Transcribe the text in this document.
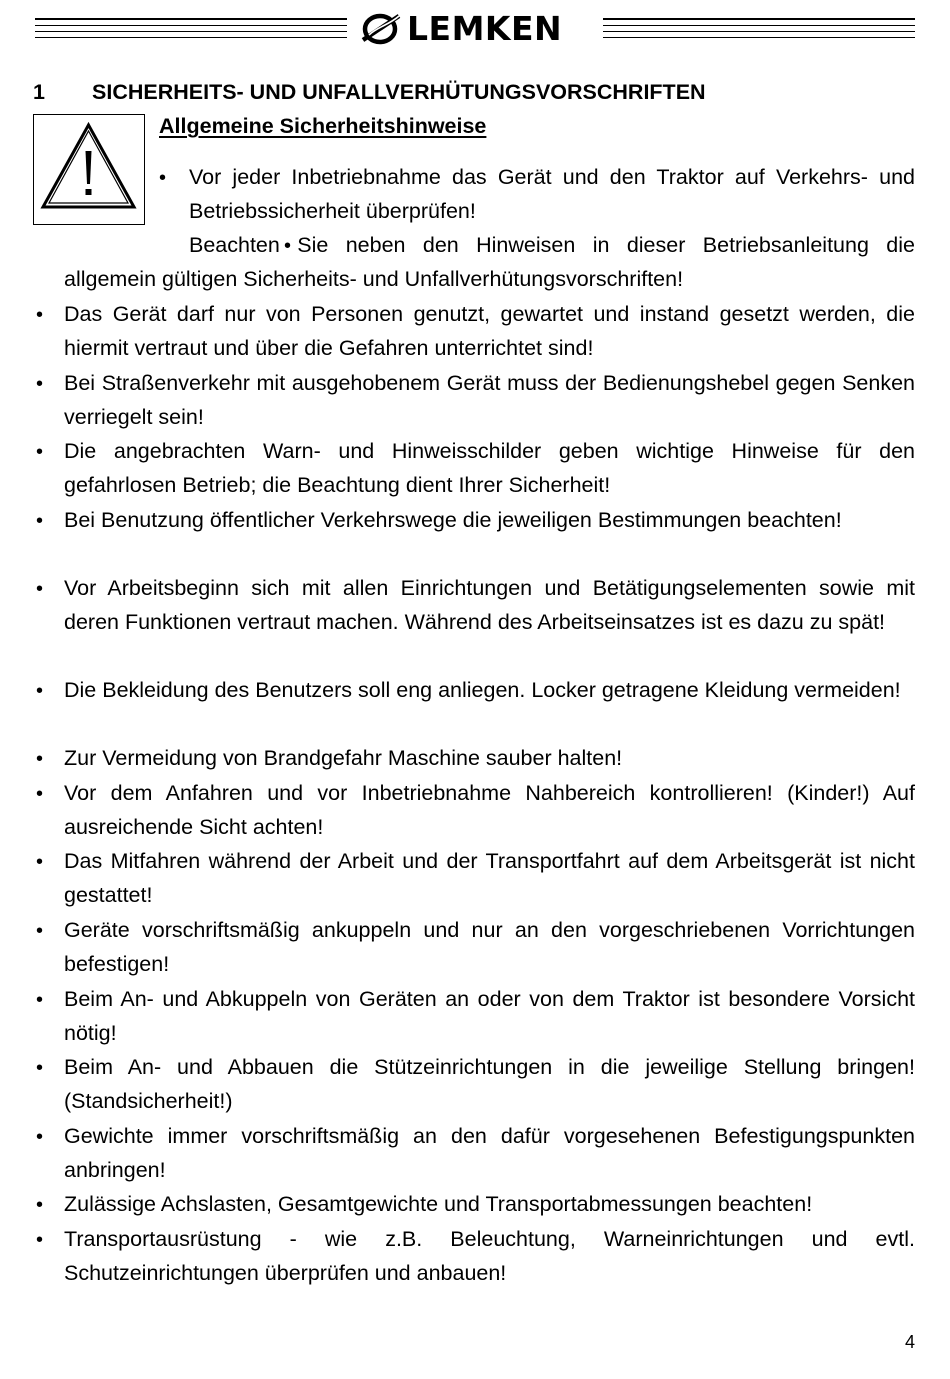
LEMKEN
1	SICHERHEITS- UND UNFALLVERHÜTUNGSVORSCHRIFTEN
Allgemeine Sicherheitshinweise
•
Vor jeder Inbetriebnahme das Gerät und den Traktor auf Verkehrs- und Betriebssicherheit überprüfen!
•
Beachten Sie neben den Hinweisen in dieser Betriebsanleitung die allgemein gültigen Sicherheits- und Unfallverhütungsvorschriften!
•
Das Gerät darf nur von Personen genutzt, gewartet und instand gesetzt werden, die hiermit vertraut und über die Gefahren unterrichtet sind!
•
Bei Straßenverkehr mit ausgehobenem Gerät muss der Bedienungshebel gegen Senken verriegelt sein!
•
Die angebrachten Warn- und Hinweisschilder geben wichtige Hinweise für den gefahrlosen Betrieb; die Beachtung dient Ihrer Sicherheit!
•
Bei Benutzung öffentlicher Verkehrswege die jeweiligen Bestimmungen beachten!
•
Vor Arbeitsbeginn sich mit allen Einrichtungen und Betätigungselementen sowie mit deren Funktionen vertraut machen. Während des Arbeitseinsatzes ist es dazu zu spät!
•
Die Bekleidung des Benutzers soll eng anliegen. Locker getragene Kleidung vermeiden!
•
Zur Vermeidung von Brandgefahr Maschine sauber halten!
•
Vor dem Anfahren und vor Inbetriebnahme Nahbereich kontrollieren! (Kinder!) Auf ausreichende Sicht achten!
•
Das Mitfahren während der Arbeit und der Transportfahrt auf dem Arbeitsgerät ist nicht gestattet!
•
Geräte vorschriftsmäßig ankuppeln und nur an den vorgeschriebenen Vorrichtungen befestigen!
•
Beim An- und Abkuppeln von Geräten an oder von dem Traktor ist besondere Vorsicht nötig!
•
Beim An- und Abbauen die Stützeinrichtungen in die jeweilige Stellung bringen! (Standsicherheit!)
•
Gewichte immer vorschriftsmäßig an den dafür vorgesehenen Befestigungspunkten anbringen!
•
Zulässige Achslasten, Gesamtgewichte und Transportabmessungen beachten!
•
Transportausrüstung - wie z.B. Beleuchtung, Warneinrichtungen und evtl. Schutzeinrichtungen überprüfen und anbauen!
4
